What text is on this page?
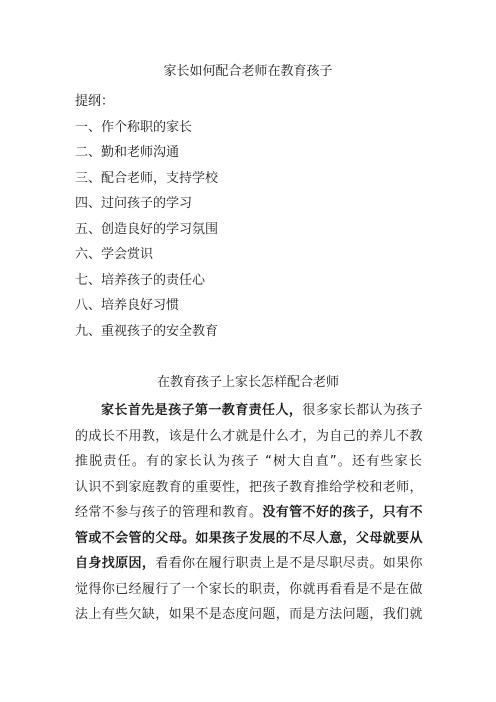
家长如何配合老师在教育孩子
提纲：
一、作个称职的家长
二、勤和老师沟通
三、配合老师，支持学校
四、过问孩子的学习
五、创造良好的学习氛围
六、学会赏识
七、培养孩子的责任心
八、培养良好习惯
九、重视孩子的安全教育
在教育孩子上家长怎样配合老师
家长首先是孩子第一教育责任人，很多家长都认为孩子
的成长不用教，该是什么才就是什么才，为自己的养儿不教
推脱责任。有的家长认为孩子 “树大自直”。还有些家长
认识不到家庭教育的重要性，把孩子教育推给学校和老师，
经常不参与孩子的管理和教育。没有管不好的孩子，只有不
管或不会管的父母。如果孩子发展的不尽人意，父母就要从
自身找原因，看看你在履行职责上是不是尽职尽责。如果你
觉得你已经履行了一个家长的职责，你就再看看是不是在做
法上有些欠缺，如果不是态度问题，而是方法问题，我们就
